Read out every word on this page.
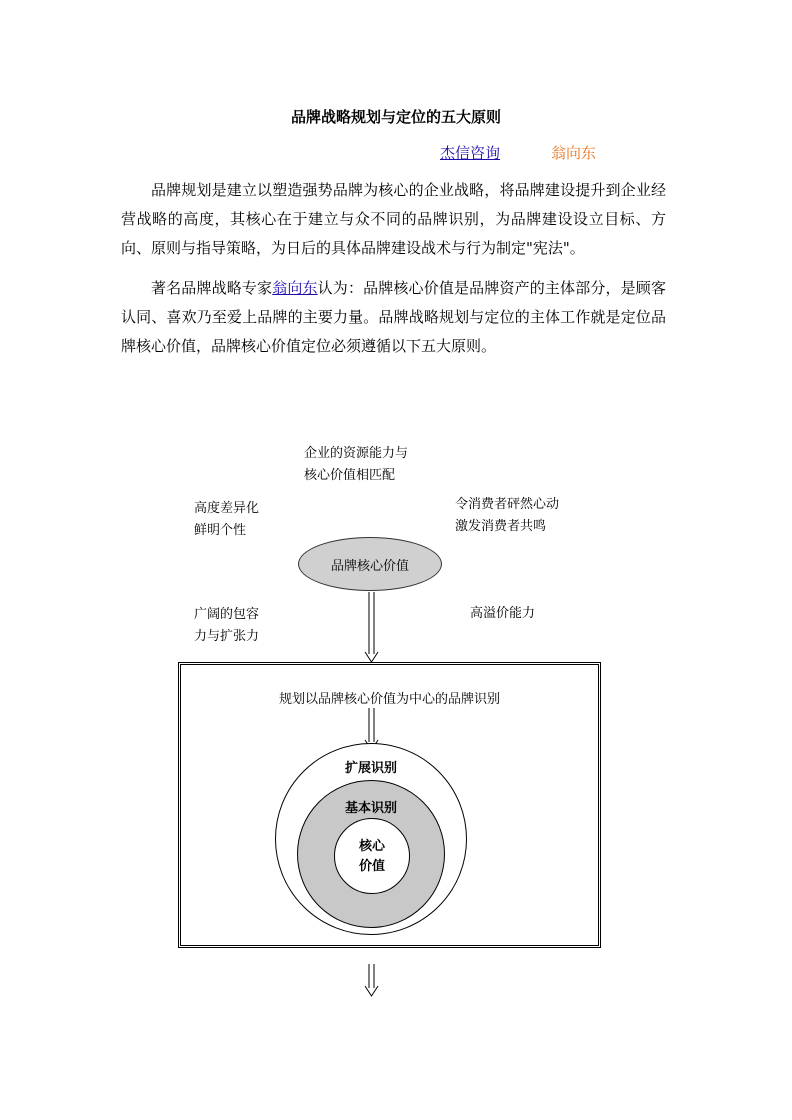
品牌战略规划与定位的五大原则
杰信咨询	翁向东
品牌规划是建立以塑造强势品牌为核心的企业战略，将品牌建设提升到企业经营战略的高度，其核心在于建立与众不同的品牌识别，为品牌建设设立目标、方向、原则与指导策略，为日后的具体品牌建设战术与行为制定"宪法"。
著名品牌战略专家翁向东认为：品牌核心价值是品牌资产的主体部分，是顾客认同、喜欢乃至爱上品牌的主要力量。品牌战略规划与定位的主体工作就是定位品牌核心价值，品牌核心价值定位必须遵循以下五大原则。
企业的资源能力与
核心价值相匹配
高度差异化
鲜明个性
令消费者砰然心动
激发消费者共鸣
品牌核心价值
广阔的包容
力与扩张力
高溢价能力
规划以品牌核心价值为中心的品牌识别
扩展识别
基本识别
核心
价值
